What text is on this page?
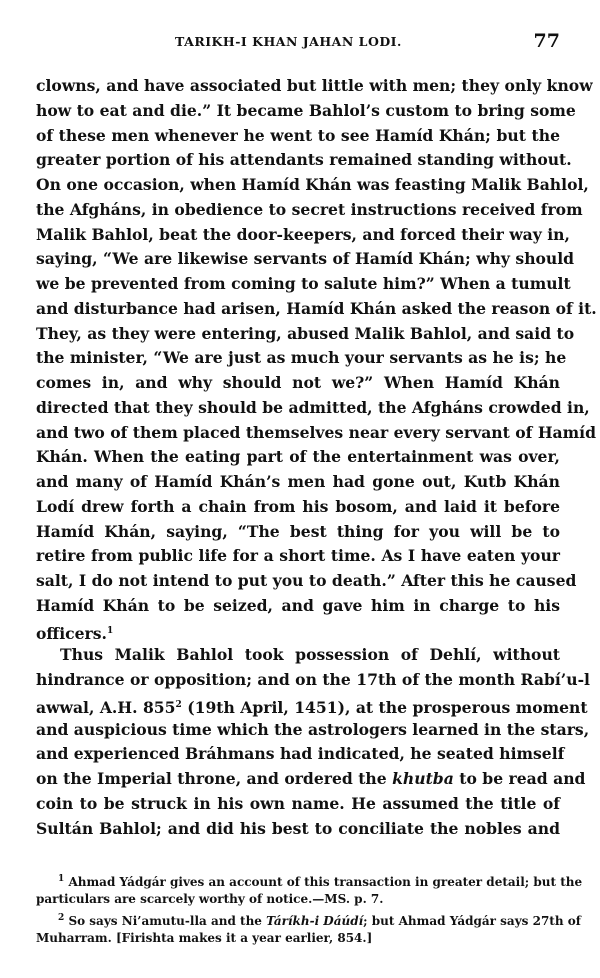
TARIKH-I KHAN JAHAN LODI.	77
clowns, and have associated but little with men; they only know
how to eat and die.” It became Bahlol’s custom to bring some
of these men whenever he went to see Hamíd Khán; but the
greater portion of his attendants remained standing without.
On one occasion, when Hamíd Khán was feasting Malik Bahlol,
the Afgháns, in obedience to secret instructions received from
Malik Bahlol, beat the door-keepers, and forced their way in,
saying, “We are likewise servants of Hamíd Khán; why should
we be prevented from coming to salute him?” When a tumult
and disturbance had arisen, Hamíd Khán asked the reason of it.
They, as they were entering, abused Malik Bahlol, and said to
the minister, “We are just as much your servants as he is; he
comes in, and why should not we?” When Hamíd Khán
directed that they should be admitted, the Afgháns crowded in,
and two of them placed themselves near every servant of Hamíd
Khán. When the eating part of the entertainment was over,
and many of Hamíd Khán’s men had gone out, Kutb Khán
Lodí drew forth a chain from his bosom, and laid it before
Hamíd Khán, saying, “The best thing for you will be to
retire from public life for a short time. As I have eaten your
salt, I do not intend to put you to death.” After this he caused
Hamíd Khán to be seized, and gave him in charge to his
officers.$^1$
Thus Malik Bahlol took possession of Dehlí, without
hindrance or opposition; and on the 17th of the month Rabí’u-l
awwal, A.H. $855^2$ (19th April, 1451), at the prosperous moment
and auspicious time which the astrologers learned in the stars,
and experienced Bráhmans had indicated, he seated himself
on the Imperial throne, and ordered the khutba to be read and
coin to be struck in his own name. He assumed the title of
Sultán Bahlol; and did his best to conciliate the nobles and
$^1$ Ahmad Yádgár gives an account of this transaction in greater detail; but the
particulars are scarcely worthy of notice.—MS. p. 7.
$^2$ So says Ni’amutu-lla and the Táríkh-i Dáúdí; but Ahmad Yádgár says 27th of
Muharram. [Firishta makes it a year earlier, 854.]
